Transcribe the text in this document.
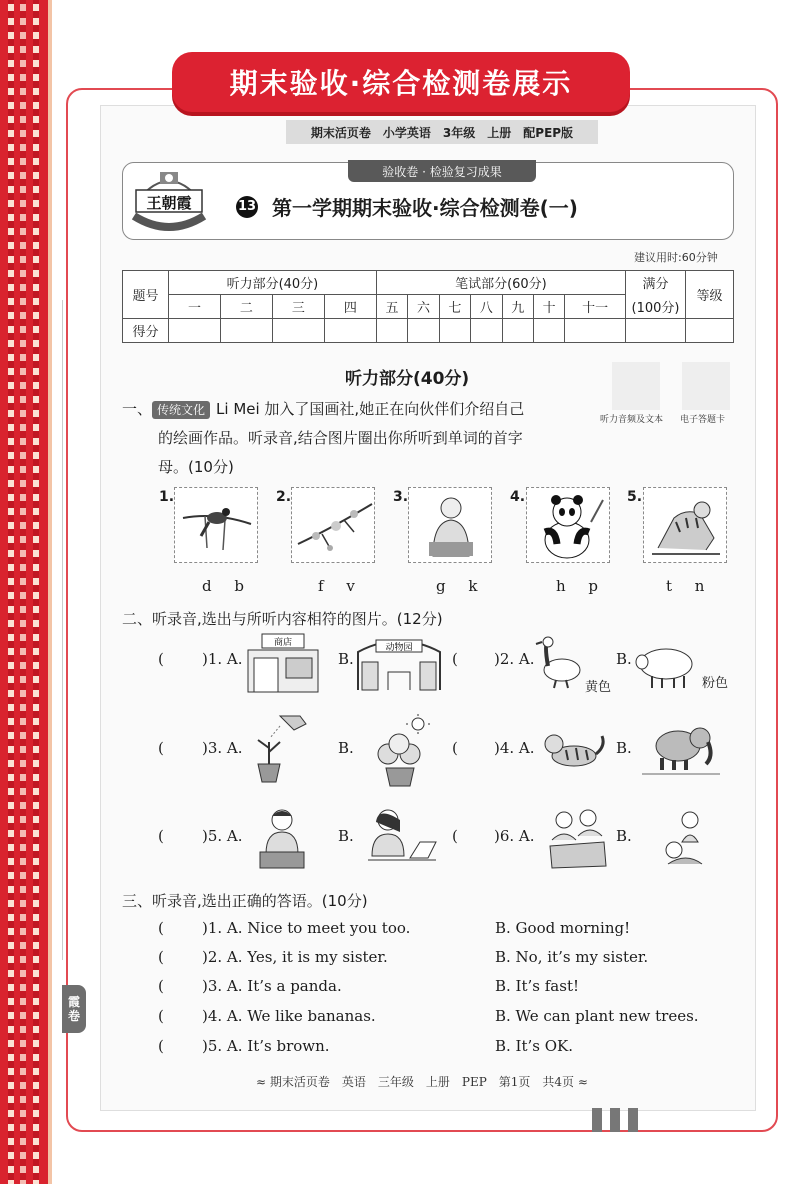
霞
卷
期末验收·综合检测卷展示
期末活页卷　小学英语　3年级　上册　配PEP版
验收卷 · 检验复习成果
王朝霞	13 第一学期期末验收·综合检测卷(一)
建议用时:60分钟
题号	听力部分(40分)				笔试部分(60分)							满分	等级
	一	二	三	四	五	六	七	八	九	十	十一	(100分)	
得分													
听力音频及文本 电子答题卡
听力部分(40分)
一、 传统文化 Li Mei 加入了国画社,她正在向伙伴们介绍自己
的绘画作品。听录音,结合图片圈出你所听到单词的首字
母。(10分)
1.	2.	3.	4.	5.
d b	f v	g k	h p	t n
二、听录音,选出与所听内容相符的图片。(12分)
(	)1. A.
商店
B.
动物园
( )2. A.
黄色
B.
粉色
(	)3. A.	B.	( )4. A.	B.
(	)5. A.	B.	( )6. A.	B.
三、听录音,选出正确的答语。(10分)
(	)1. A. Nice to meet you too.	B. Good morning!
(	)2. A. Yes, it is my sister.	B. No, it’s my sister.
(	)3. A. It’s a panda.	B. It’s fast!
(	)4. A. We like bananas.	B. We can plant new trees.
(	)5. A. It’s brown.	B. It’s OK.
≈ 期末活页卷　英语　三年级　上册　PEP　第1页　共4页 ≈
